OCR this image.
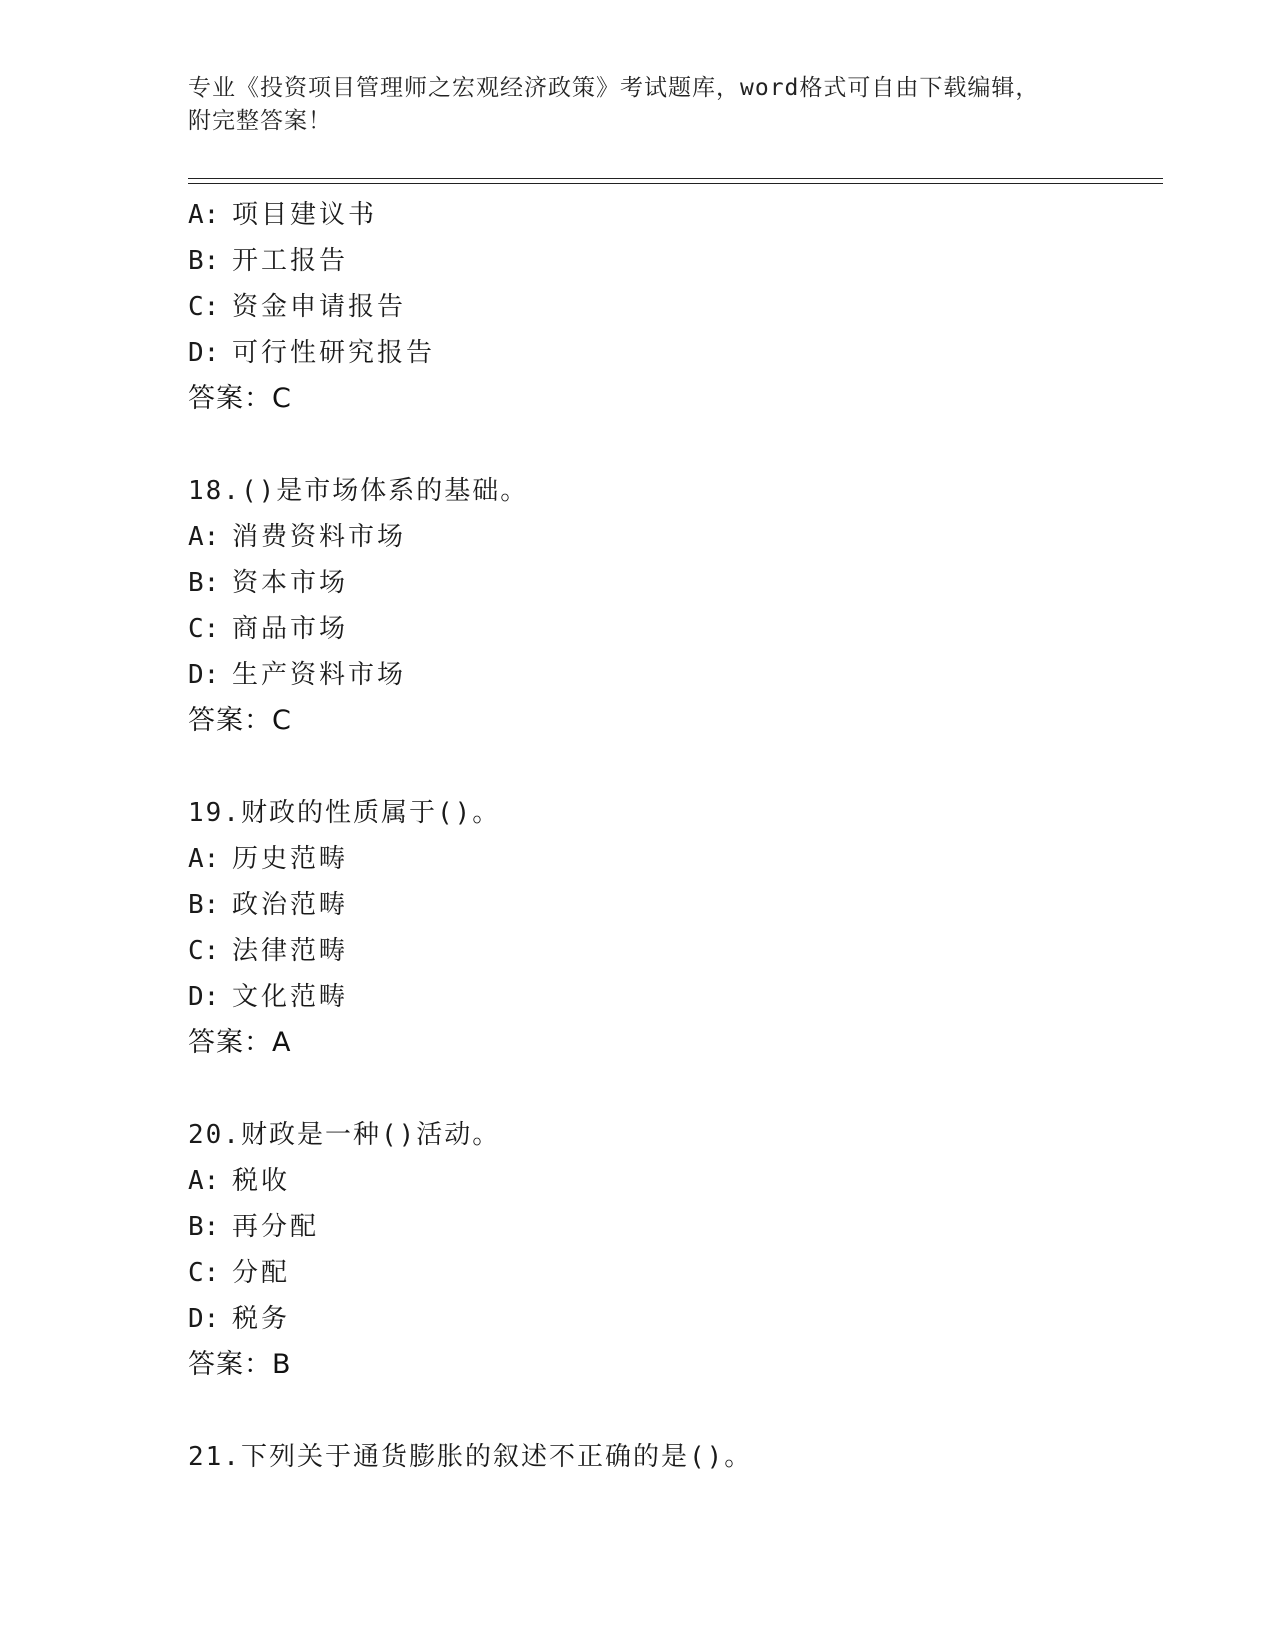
专业《投资项目管理师之宏观经济政策》考试题库，word格式可自由下载编辑，
附完整答案！
A: 项目建议书
B: 开工报告
C: 资金申请报告
D: 可行性研究报告
答案：C
18.()是市场体系的基础。
A: 消费资料市场
B: 资本市场
C: 商品市场
D: 生产资料市场
答案：C
19.财政的性质属于()。
A: 历史范畴
B: 政治范畴
C: 法律范畴
D: 文化范畴
答案：A
20.财政是一种()活动。
A: 税收
B: 再分配
C: 分配
D: 税务
答案：B
21.下列关于通货膨胀的叙述不正确的是()。
